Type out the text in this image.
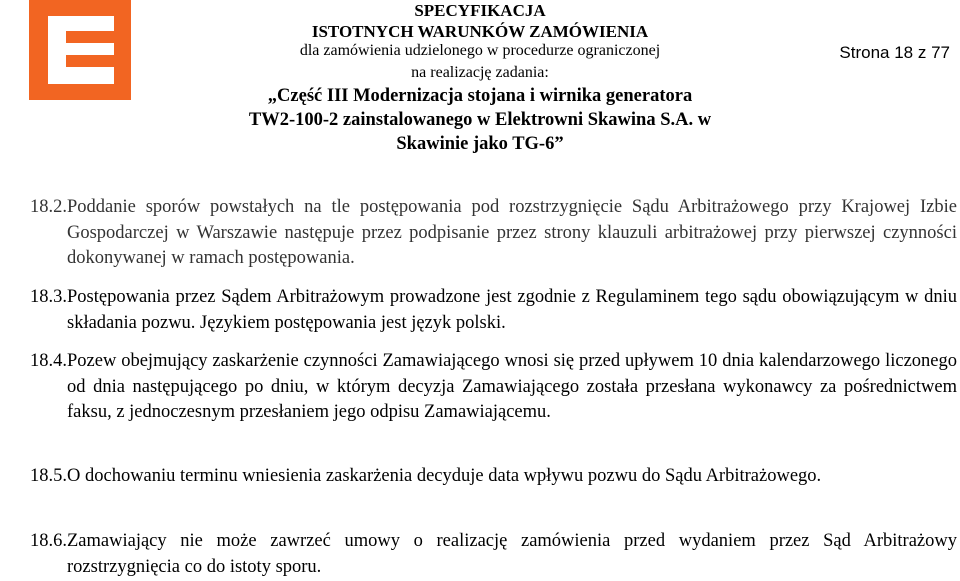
SPECYFIKACJA
ISTOTNYCH WARUNKÓW ZAMÓWIENIA
dla zamówienia udzielonego w procedurze ograniczonej
na realizację zadania:
„Część III Modernizacja stojana i wirnika generatora
TW2-100-2 zainstalowanego w Elektrowni Skawina S.A. w
Skawinie jako TG-6”
Strona 18 z 77
18.2. Poddanie sporów powstałych na tle postępowania pod rozstrzygnięcie Sądu Arbitrażowego przy Krajowej Izbie Gospodarczej w Warszawie następuje przez podpisanie przez strony klauzuli arbitrażowej przy pierwszej czynności dokonywanej w ramach postępowania.
18.3. Postępowania przez Sądem Arbitrażowym prowadzone jest zgodnie z Regulaminem tego sądu obowiązującym w dniu składania pozwu. Językiem postępowania jest język polski.
18.4. Pozew obejmujący zaskarżenie czynności Zamawiającego wnosi się przed upływem 10 dnia kalendarzowego liczonego od dnia następującego po dniu, w którym decyzja Zamawiającego została przesłana wykonawcy za pośrednictwem faksu, z jednoczesnym przesłaniem jego odpisu Zamawiającemu.
18.5. O dochowaniu terminu wniesienia zaskarżenia decyduje data wpływu pozwu do Sądu Arbitrażowego.
18.6. Zamawiający nie może zawrzeć umowy o realizację zamówienia przed wydaniem przez Sąd Arbitrażowy rozstrzygnięcia co do istoty sporu.
